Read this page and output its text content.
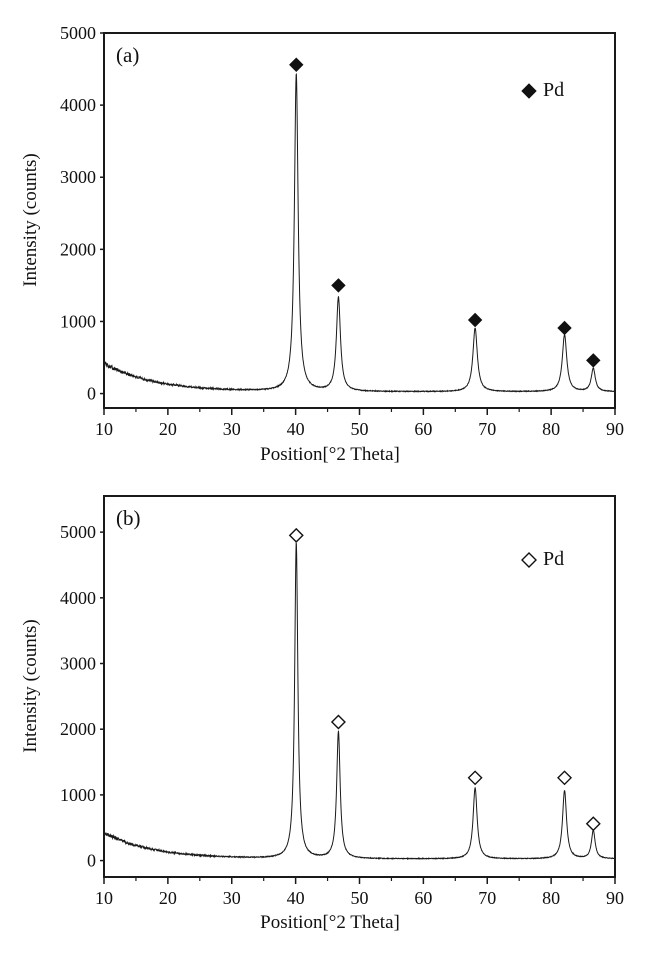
10	20	30	40	50	60	70	80	90
0
1000
2000
3000
4000
5000
10	20	30	40	50	60	70	80	90
0
1000
2000
3000
4000
5000
(a)
Intensity (counts)
Position[°2 Theta]
Pd
(b)
Intensity (counts)
Position[°2 Theta]
Pd
